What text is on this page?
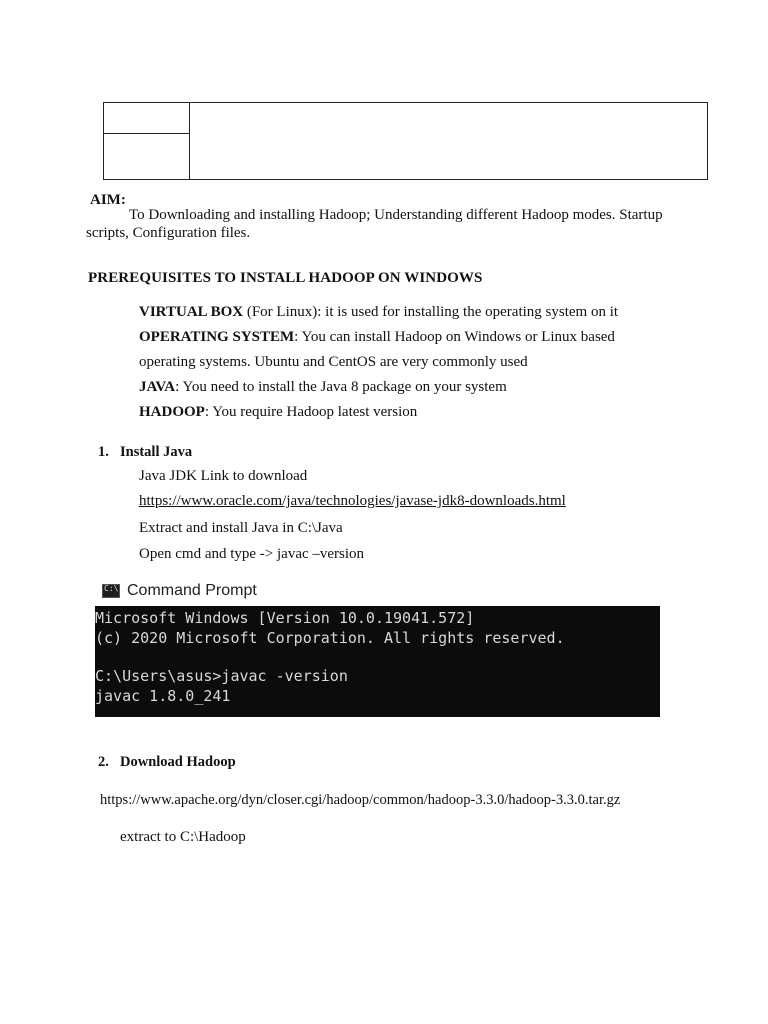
AIM:
To Downloading and installing Hadoop; Understanding different Hadoop modes. Startup
scripts, Configuration files.
PREREQUISITES TO INSTALL HADOOP ON WINDOWS
VIRTUAL BOX (For Linux): it is used for installing the operating system on it
OPERATING SYSTEM: You can install Hadoop on Windows or Linux based
operating systems. Ubuntu and CentOS are very commonly used
JAVA: You need to install the Java 8 package on your system
HADOOP: You require Hadoop latest version
1. Install Java
Java JDK Link to download
https://www.oracle.com/java/technologies/javase-jdk8-downloads.html
Extract and install Java in C:\Java
Open cmd and type -> javac –version
C:\
Command Prompt
Microsoft Windows [Version 10.0.19041.572]
(c) 2020 Microsoft Corporation. All rights reserved.
C:\Users\asus>javac -version
javac 1.8.0_241
2. Download Hadoop
https://www.apache.org/dyn/closer.cgi/hadoop/common/hadoop-3.3.0/hadoop-3.3.0.tar.gz
extract to C:\Hadoop
